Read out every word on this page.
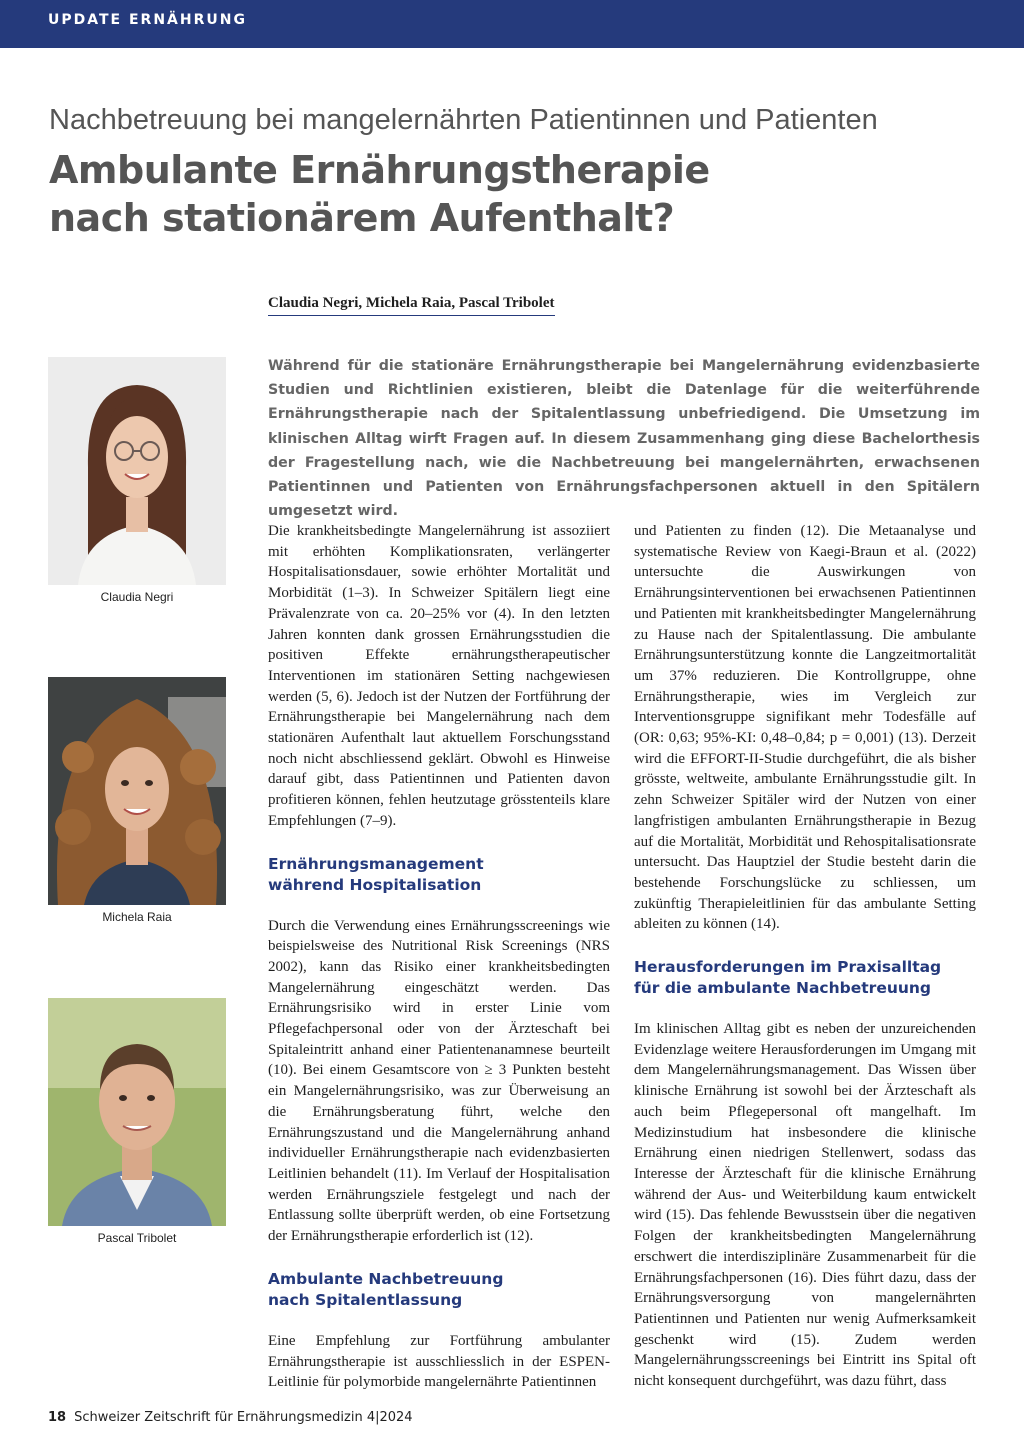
UPDATE ERNÄHRUNG
Nachbetreuung bei mangelernährten Patientinnen und Patienten
Ambulante Ernährungstherapie
nach stationärem Aufenthalt?
Claudia Negri, Michela Raia, Pascal Tribolet
Während für die stationäre Ernährungstherapie bei Mangelernährung evidenzbasierte Studien und Richtlinien existieren, bleibt die Datenlage für die weiterführende Ernährungstherapie nach der Spitalentlassung unbefriedigend. Die Umsetzung im klinischen Alltag wirft Fragen auf. In diesem Zusammenhang ging diese Bachelorthesis der Fragestellung nach, wie die Nachbetreuung bei mangelernährten, erwachsenen Patientinnen und Patienten von Ernährungsfachpersonen aktuell in den Spitälern umgesetzt wird.
Claudia Negri
Michela Raia
Pascal Tribolet

Die krankheitsbedingte Mangelernährung ist assoziiert mit erhöhten Komplikationsraten, verlängerter Hospitalisationsdauer, sowie erhöhter Mortalität und Morbidität (1–3). In Schweizer Spitälern liegt eine Prävalenzrate von ca. 20–25% vor (4). In den letzten Jahren konnten dank grossen Ernährungsstudien die positiven Effekte ernährungstherapeutischer Interventionen im stationären Setting nachgewiesen werden (5, 6). Jedoch ist der Nutzen der Fortführung der Ernährungstherapie bei Mangelernährung nach dem stationären Aufenthalt laut aktuellem Forschungsstand noch nicht abschliessend geklärt. Obwohl es Hinweise darauf gibt, dass Patientinnen und Patienten davon profitieren können, fehlen heutzutage grösstenteils klare Empfehlungen (7–9).

Ernährungsmanagement
während Hospitalisation

Durch die Verwendung eines Ernährungsscreenings wie beispielsweise des Nutritional Risk Screenings (NRS 2002), kann das Risiko einer krankheitsbedingten Mangelernährung eingeschätzt werden. Das Ernährungsrisiko wird in erster Linie vom Pflegefachpersonal oder von der Ärzteschaft bei Spitaleintritt anhand einer Patientenanamnese beurteilt (10). Bei einem Gesamtscore von ≥ 3 Punkten besteht ein Mangelernährungsrisiko, was zur Überweisung an die Ernährungsberatung führt, welche den Ernährungszustand und die Mangelernährung anhand individueller Ernährungstherapie nach evidenzbasierten Leitlinien behandelt (11). Im Verlauf der Hospitalisation werden Ernährungsziele festgelegt und nach der Entlassung sollte überprüft werden, ob eine Fortsetzung der Ernährungstherapie erforderlich ist (12).

Ambulante Nachbetreuung
nach Spitalentlassung

Eine Empfehlung zur Fortführung ambulanter Ernährungstherapie ist ausschliesslich in der ESPEN-Leitlinie für polymorbide mangelernährte Patientinnen

und Patienten zu finden (12). Die Metaanalyse und systematische Review von Kaegi-Braun et al. (2022) untersuchte die Auswirkungen von Ernährungsinterventionen bei erwachsenen Patientinnen und Patienten mit krankheitsbedingter Mangelernährung zu Hause nach der Spitalentlassung. Die ambulante Ernährungsunterstützung konnte die Langzeitmortalität um 37% reduzieren. Die Kontrollgruppe, ohne Ernährungstherapie, wies im Vergleich zur Interventionsgruppe signifikant mehr Todesfälle auf (OR: 0,63; 95%-KI: 0,48–0,84; p = 0,001) (13). Derzeit wird die EFFORT-II-Studie durchgeführt, die als bisher grösste, weltweite, ambulante Ernährungsstudie gilt. In zehn Schweizer Spitäler wird der Nutzen von einer langfristigen ambulanten Ernährungstherapie in Bezug auf die Mortalität, Morbidität und Rehospitalisationsrate untersucht. Das Hauptziel der Studie besteht darin die bestehende Forschungslücke zu schliessen, um zukünftig Therapieleitlinien für das ambulante Setting ableiten zu können (14).

Herausforderungen im Praxisalltag
für die ambulante Nachbetreuung

Im klinischen Alltag gibt es neben der unzureichenden Evidenzlage weitere Herausforderungen im Umgang mit dem Mangelernährungsmanagement. Das Wissen über klinische Ernährung ist sowohl bei der Ärzteschaft als auch beim Pflegepersonal oft mangelhaft. Im Medizinstudium hat insbesondere die klinische Ernährung einen niedrigen Stellenwert, sodass das Interesse der Ärzteschaft für die klinische Ernährung während der Aus- und Weiterbildung kaum entwickelt wird (15). Das fehlende Bewusstsein über die negativen Folgen der krankheitsbedingten Mangelernährung erschwert die interdisziplinäre Zusammenarbeit für die Ernährungsfachpersonen (16). Dies führt dazu, dass der Ernährungsversorgung von mangelernährten Patientinnen und Patienten nur wenig Aufmerksamkeit geschenkt wird (15). Zudem werden Mangelernährungsscreenings bei Eintritt ins Spital oft nicht konsequent durchgeführt, was dazu führt, dass

18 Schweizer Zeitschrift für Ernährungsmedizin 4|2024
